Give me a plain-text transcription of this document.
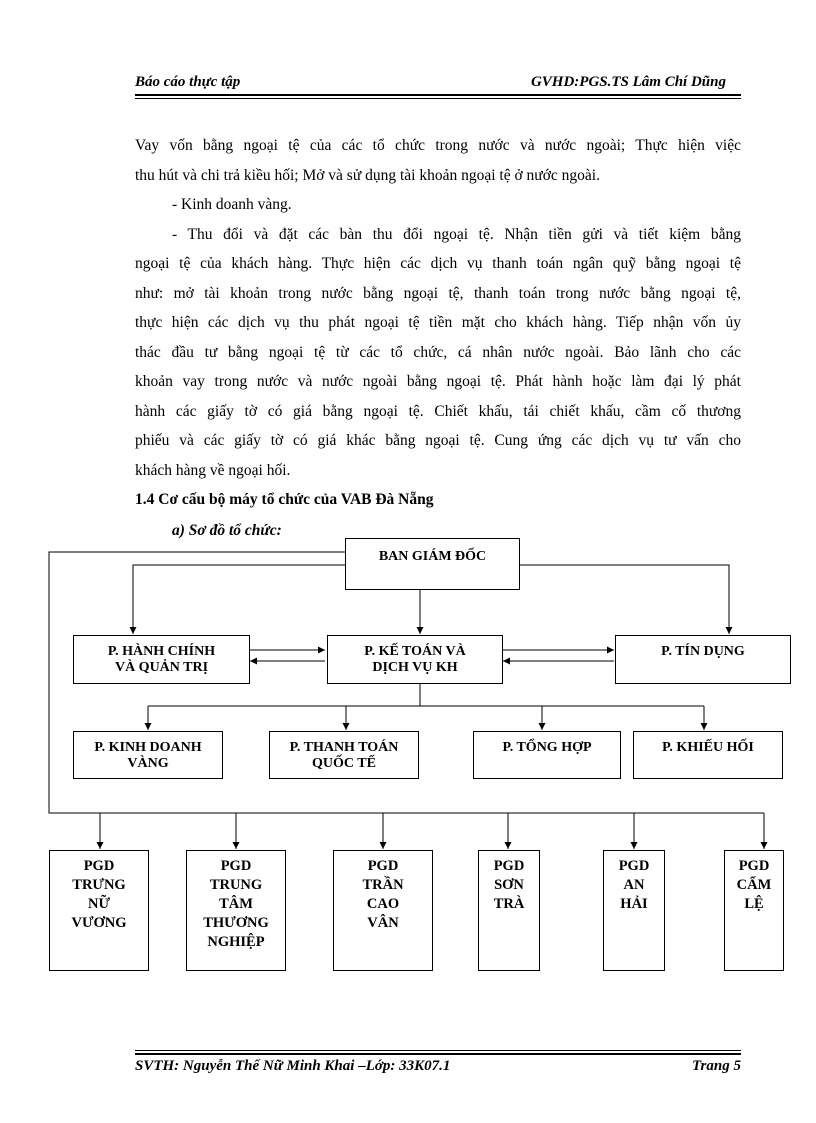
Báo cáo thực tập	GVHD:PGS.TS Lâm Chí Dũng
Vay vốn bằng ngoại tệ của các tổ chức trong nước và nước ngoài; Thực hiện việc
thu hút và chi trả kiều hối; Mở và sử dụng tài khoản ngoại tệ ở nước ngoài.
- Kinh doanh vàng.
- Thu đổi và đặt các bàn thu đổi ngoại tệ. Nhận tiền gửi và tiết kiệm bằng
ngoại tệ của khách hàng. Thực hiện các dịch vụ thanh toán ngân quỹ bằng ngoại tệ
như: mở tài khoản trong nước bằng ngoại tệ, thanh toán trong nước bằng ngoại tệ,
thực hiện các dịch vụ thu phát ngoại tệ tiền mặt cho khách hàng. Tiếp nhận vốn ủy
thác đầu tư bằng ngoại tệ từ các tổ chức, cá nhân nước ngoài. Bảo lãnh cho các
khoản vay trong nước và nước ngoài bằng ngoại tệ. Phát hành hoặc làm đại lý phát
hành các giấy tờ có giá bằng ngoại tệ. Chiết khấu, tái chiết khấu, cầm cố thương
phiếu và các giấy tờ có giá khác bằng ngoại tệ. Cung ứng các dịch vụ tư vấn cho
khách hàng về ngoại hối.
1.4 Cơ cấu bộ máy tổ chức của VAB Đà Nẵng
a) Sơ đồ tổ chức:
BAN GIÁM ĐỐC
P. HÀNH CHÍNH VÀ QUẢN TRỊ
P. KẾ TOÁN VÀ DỊCH VỤ KH
P. TÍN DỤNG
P. KINH DOANH VÀNG
P. THANH TOÁN QUỐC TẾ
P. TỔNG HỢP	P. KHIẾU HỐI
PGD TRƯNG NỮ VƯƠNG
PGD TRUNG TÂM THƯƠNG NGHIỆP
PGD TRẦN CAO VÂN
PGD SƠN TRÀ
PGD AN HẢI
PGD CẨM LỆ
SVTH: Nguyễn Thế Nữ Minh Khai –Lớp: 33K07.1	Trang 5
